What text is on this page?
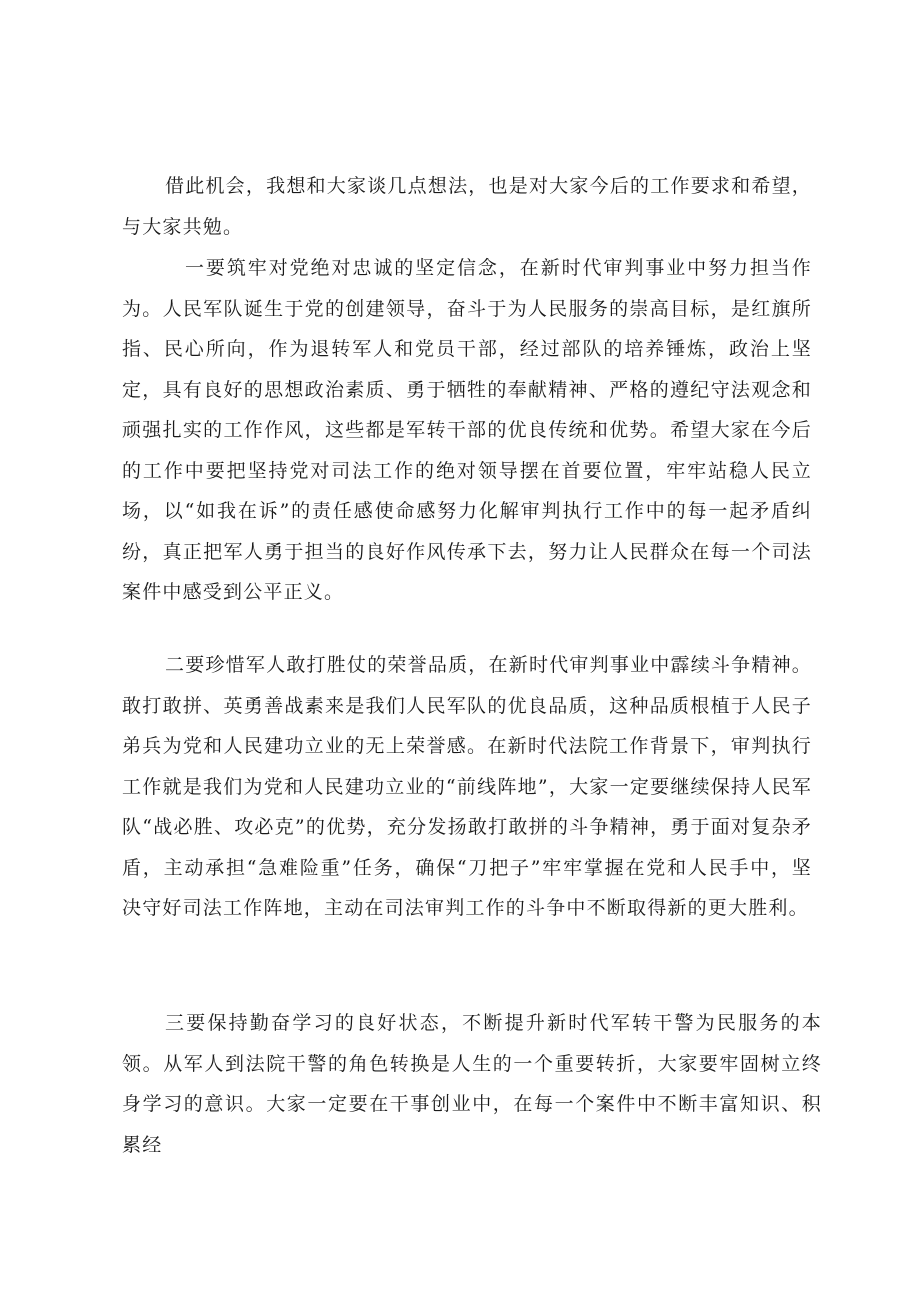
借此机会，我想和大家谈几点想法，也是对大家今后的工作要求和希望，与大家共勉。

一要筑牢对党绝对忠诚的坚定信念，在新时代审判事业中努力担当作为。人民军队诞生于党的创建领导，奋斗于为人民服务的崇高目标，是红旗所指、民心所向，作为退转军人和党员干部，经过部队的培养锤炼，政治上坚定，具有良好的思想政治素质、勇于牺牲的奉献精神、严格的遵纪守法观念和顽强扎实的工作作风，这些都是军转干部的优良传统和优势。希望大家在今后的工作中要把坚持党对司法工作的绝对领导摆在首要位置，牢牢站稳人民立场，以“如我在诉”的责任感使命感努力化解审判执行工作中的每一起矛盾纠纷，真正把军人勇于担当的良好作风传承下去，努力让人民群众在每一个司法案件中感受到公平正义。

二要珍惜军人敢打胜仗的荣誉品质，在新时代审判事业中霹续斗争精神。敢打敢拼、英勇善战素来是我们人民军队的优良品质，这种品质根植于人民子弟兵为党和人民建功立业的无上荣誉感。在新时代法院工作背景下，审判执行工作就是我们为党和人民建功立业的“前线阵地”，大家一定要继续保持人民军队“战必胜、攻必克”的优势，充分发扬敢打敢拼的斗争精神，勇于面对复杂矛盾，主动承担“急难险重”任务，确保“刀把子”牢牢掌握在党和人民手中，坚决守好司法工作阵地，主动在司法审判工作的斗争中不断取得新的更大胜利。

三要保持勤奋学习的良好状态，不断提升新时代军转干警为民服务的本领。从军人到法院干警的角色转换是人生的一个重要转折，大家要牢固树立终身学习的意识。大家一定要在干事创业中，在每一个案件中不断丰富知识、积累经
